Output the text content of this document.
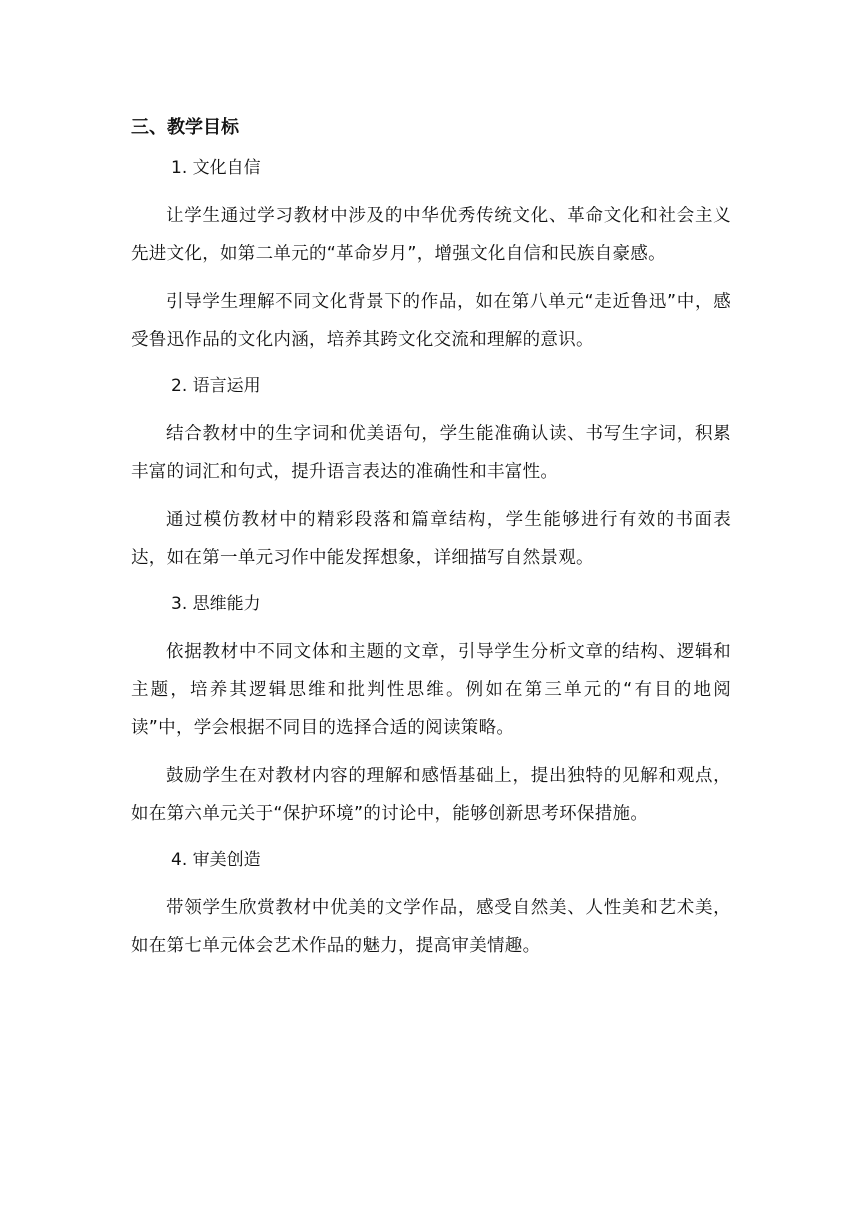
三、教学目标
1. 文化自信

让学生通过学习教材中涉及的中华优秀传统文化、革命文化和社会主义先进文化，如第二单元的“革命岁月”，增强文化自信和民族自豪感。

引导学生理解不同文化背景下的作品，如在第八单元“走近鲁迅”中，感受鲁迅作品的文化内涵，培养其跨文化交流和理解的意识。

2. 语言运用

结合教材中的生字词和优美语句，学生能准确认读、书写生字词，积累丰富的词汇和句式，提升语言表达的准确性和丰富性。

通过模仿教材中的精彩段落和篇章结构，学生能够进行有效的书面表达，如在第一单元习作中能发挥想象，详细描写自然景观。

3. 思维能力

依据教材中不同文体和主题的文章，引导学生分析文章的结构、逻辑和主题，培养其逻辑思维和批判性思维。例如在第三单元的“有目的地阅读”中，学会根据不同目的选择合适的阅读策略。

鼓励学生在对教材内容的理解和感悟基础上，提出独特的见解和观点，如在第六单元关于“保护环境”的讨论中，能够创新思考环保措施。

4. 审美创造

带领学生欣赏教材中优美的文学作品，感受自然美、人性美和艺术美，如在第七单元体会艺术作品的魅力，提高审美情趣。
